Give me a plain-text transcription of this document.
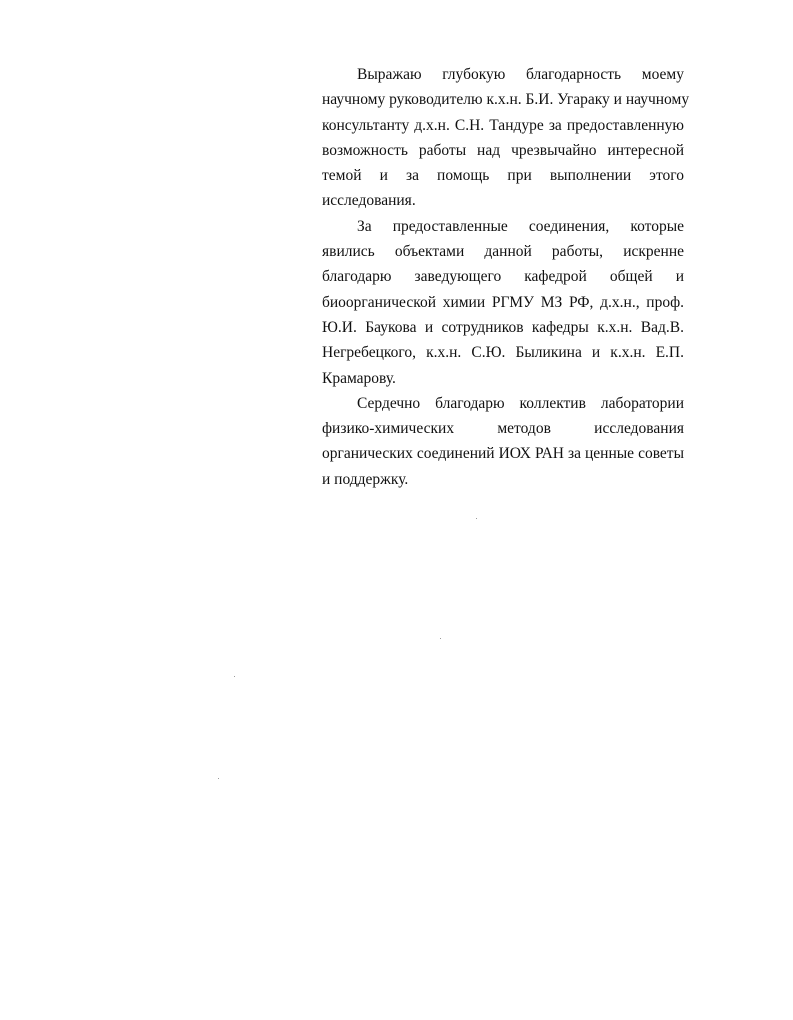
Выражаю глубокую благодарность моему
научному руководителю к.х.н. Б.И. Угараку и научному
консультанту д.х.н. С.Н. Тандуре за предоставленную
возможность работы над чрезвычайно интересной
темой и за помощь при выполнении этого
исследования.

За предоставленные соединения, которые
явились объектами данной работы, искренне
благодарю заведующего кафедрой общей и
биоорганической химии РГМУ МЗ РФ, д.х.н., проф.
Ю.И. Баукова и сотрудников кафедры к.х.н. Вад.В.
Негребецкого, к.х.н. С.Ю. Быликина и к.х.н. Е.П.
Крамарову.

Сердечно благодарю коллектив лаборатории
физико-химических методов исследования
органических соединений ИОХ РАН за ценные советы
и поддержку.
